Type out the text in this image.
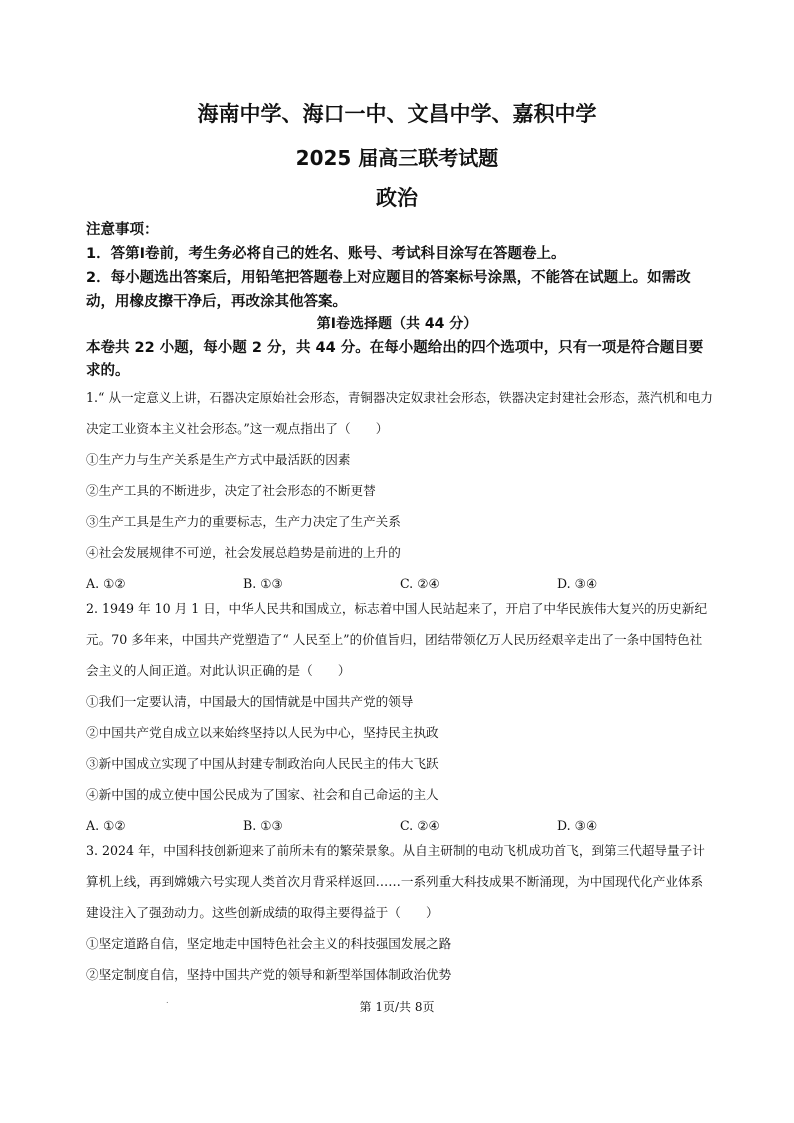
海南中学、海口一中、文昌中学、嘉积中学
2025 届高三联考试题
政治

注意事项：

1．答第Ⅰ卷前，考生务必将自己的姓名、账号、考试科目涂写在答题卷上。

2．每小题选出答案后，用铅笔把答题卷上对应题目的答案标号涂黑，不能答在试题上。如需改动，用橡皮擦干净后，再改涂其他答案。

第Ⅰ卷选择题（共 44 分）
本卷共 22 小题，每小题 2 分，共 44 分。在每小题给出的四个选项中，只有一项是符合题目要求的。

1.“ 从一定意义上讲，石器决定原始社会形态，青铜器决定奴隶社会形态，铁器决定封建社会形态，蒸汽机和电力决定工业资本主义社会形态。”这一观点指出了（　　）

①生产力与生产关系是生产方式中最活跃的因素

②生产工具的不断进步，决定了社会形态的不断更替

③生产工具是生产力的重要标志，生产力决定了生产关系

④社会发展规律不可逆，社会发展总趋势是前进的上升的

A. ①②	B. ①③	C. ②④	D. ③④

2. 1949 年 10 月 1 日，中华人民共和国成立，标志着中国人民站起来了，开启了中华民族伟大复兴的历史新纪元。70 多年来，中国共产党塑造了“ 人民至上”的价值旨归，团结带领亿万人民历经艰辛走出了一条中国特色社会主义的人间正道。对此认识正确的是（　　）

①我们一定要认清，中国最大的国情就是中国共产党的领导

②中国共产党自成立以来始终坚持以人民为中心，坚持民主执政

③新中国成立实现了中国从封建专制政治向人民民主的伟大飞跃

④新中国的成立使中国公民成为了国家、社会和自己命运的主人

A. ①②	B. ①③	C. ②④	D. ③④

3. 2024 年，中国科技创新迎来了前所未有的繁荣景象。从自主研制的电动飞机成功首飞，到第三代超导量子计算机上线，再到嫦娥六号实现人类首次月背采样返回……一系列重大科技成果不断涌现，为中国现代化产业体系建设注入了强劲动力。这些创新成绩的取得主要得益于（　　）

①坚定道路自信，坚定地走中国特色社会主义的科技强国发展之路

②坚定制度自信，坚持中国共产党的领导和新型举国体制政治优势

.	第 1页/共 8页
